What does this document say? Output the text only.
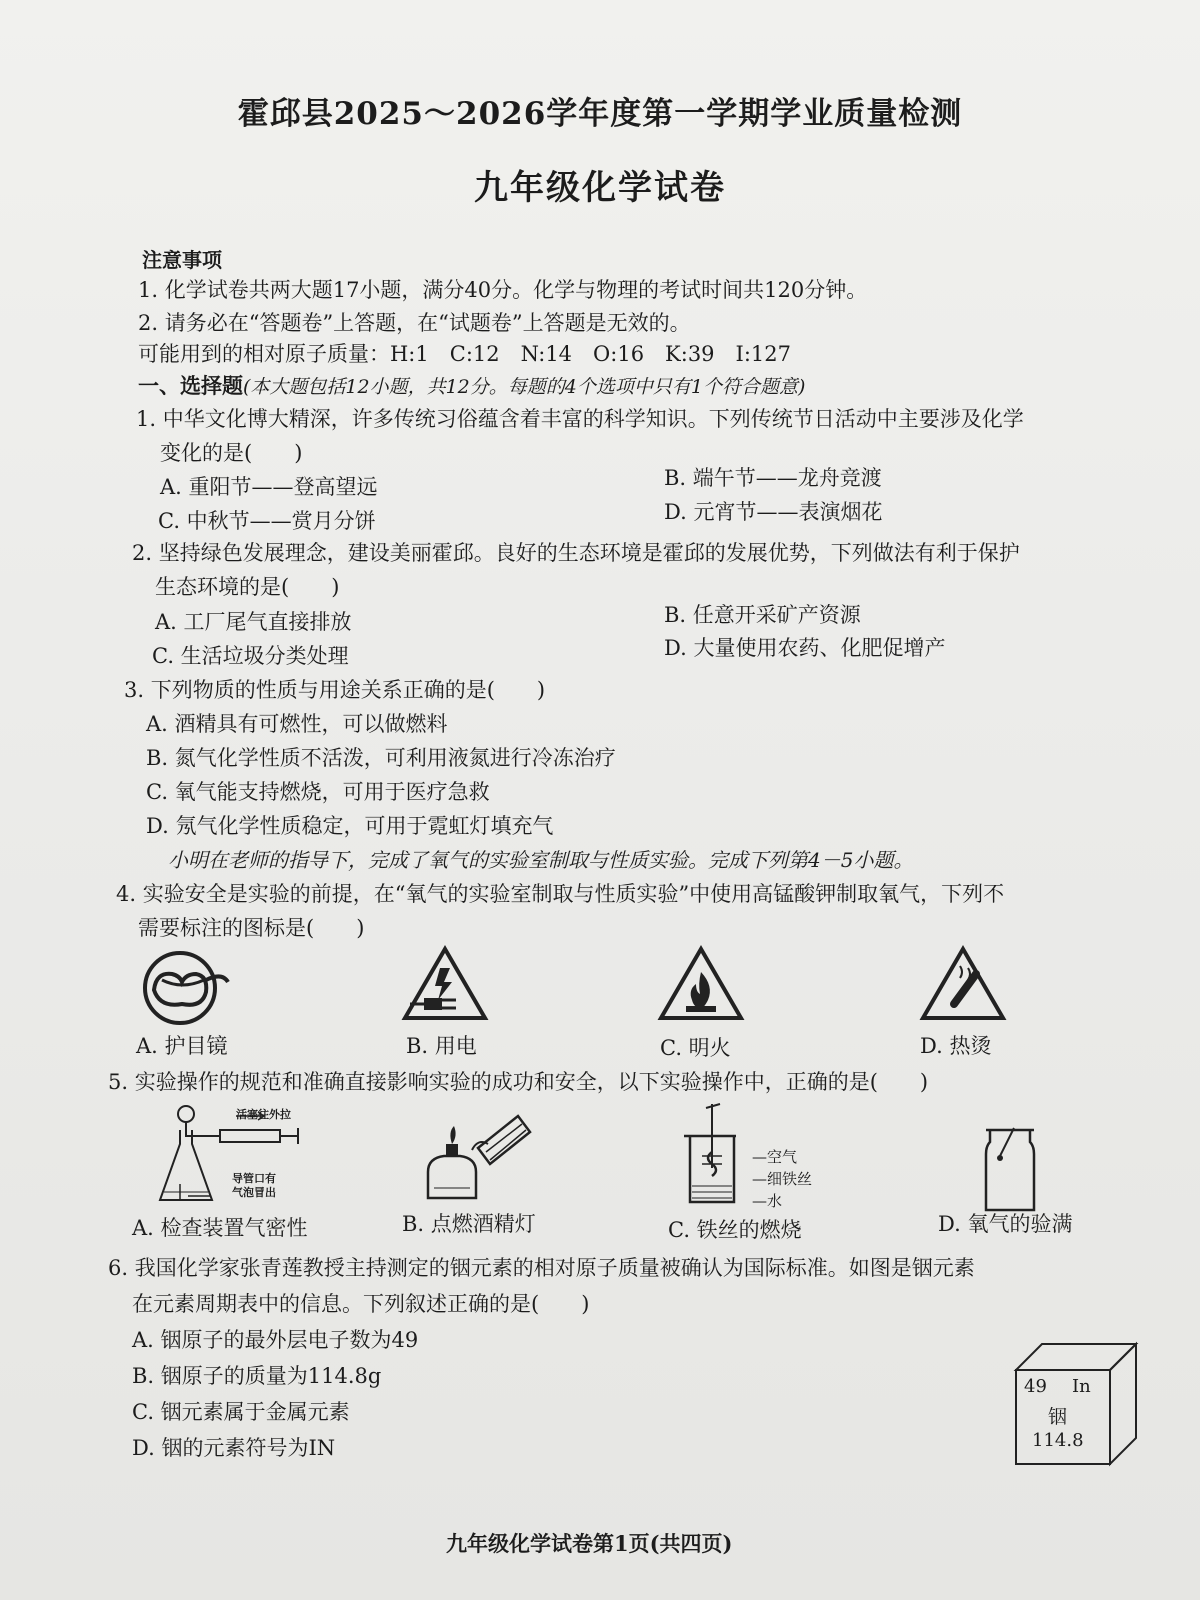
霍邱县2025～2026学年度第一学期学业质量检测
九年级化学试卷
注意事项
1. 化学试卷共两大题17小题，满分40分。化学与物理的考试时间共120分钟。
2. 请务必在“答题卷”上答题，在“试题卷”上答题是无效的。
可能用到的相对原子质量：H:1　C:12　N:14　O:16　K:39　I:127
一、选择题(本大题包括12小题，共12分。每题的4个选项中只有1个符合题意)
1. 中华文化博大精深，许多传统习俗蕴含着丰富的科学知识。下列传统节日活动中主要涉及化学
变化的是(　　)
A. 重阳节——登高望远	B. 端午节——龙舟竞渡
C. 中秋节——赏月分饼	D. 元宵节——表演烟花
2. 坚持绿色发展理念，建设美丽霍邱。良好的生态环境是霍邱的发展优势，下列做法有利于保护
生态环境的是(　　)
A. 工厂尾气直接排放	B. 任意开采矿产资源
C. 生活垃圾分类处理	D. 大量使用农药、化肥促增产
3. 下列物质的性质与用途关系正确的是(　　)
A. 酒精具有可燃性，可以做燃料
B. 氮气化学性质不活泼，可利用液氮进行冷冻治疗
C. 氧气能支持燃烧，可用于医疗急救
D. 氖气化学性质稳定，可用于霓虹灯填充气
小明在老师的指导下，完成了氧气的实验室制取与性质实验。完成下列第4－5小题。
4. 实验安全是实验的前提，在“氧气的实验室制取与性质实验”中使用高锰酸钾制取氧气，下列不
需要标注的图标是(　　)
A. 护目镜	B. 用电	C. 明火	D. 热烫
5. 实验操作的规范和准确直接影响实验的成功和安全，以下实验操作中，正确的是(　　)
活塞往外拉
导管口有
气泡冒出
—空气
—细铁丝
—水
A. 检查装置气密性	B. 点燃酒精灯	C. 铁丝的燃烧	D. 氧气的验满
6. 我国化学家张青莲教授主持测定的铟元素的相对原子质量被确认为国际标准。如图是铟元素
在元素周期表中的信息。下列叙述正确的是(　　)
A. 铟原子的最外层电子数为49
B. 铟原子的质量为114.8g
C. 铟元素属于金属元素
D. 铟的元素符号为IN
49 In
铟
114.8
九年级化学试卷第1页(共四页)
